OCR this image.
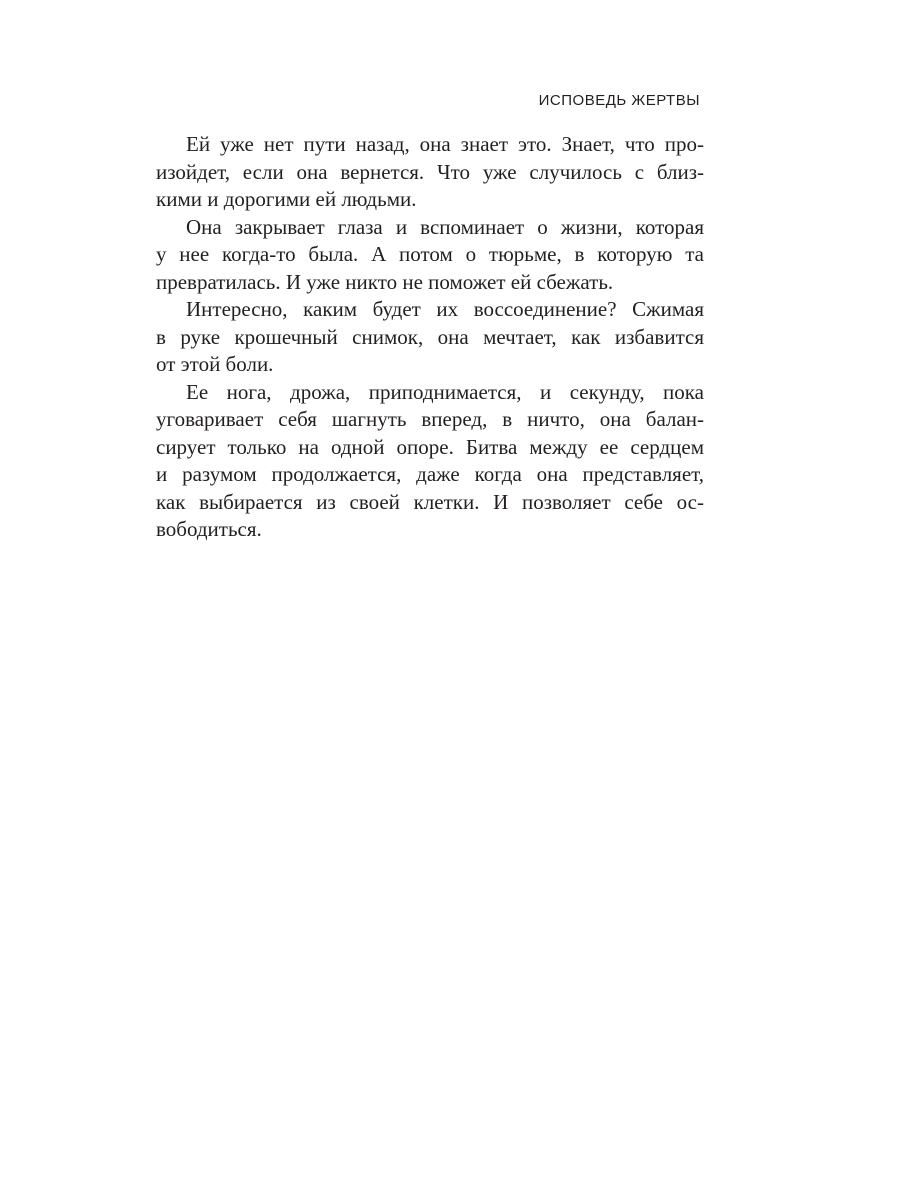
ИСПОВЕДЬ ЖЕРТВЫ
Ей уже нет пути назад, она знает это. Знает, что про-
изойдет, если она вернется. Что уже случилось с близ-
кими и дорогими ей людьми.
Она закрывает глаза и вспоминает о жизни, которая
у нее когда-то была. А потом о тюрьме, в которую та
превратилась. И уже никто не поможет ей сбежать.
Интересно, каким будет их воссоединение? Сжимая
в руке крошечный снимок, она мечтает, как избавится
от этой боли.
Ее нога, дрожа, приподнимается, и секунду, пока
уговаривает себя шагнуть вперед, в ничто, она балан-
сирует только на одной опоре. Битва между ее сердцем
и разумом продолжается, даже когда она представляет,
как выбирается из своей клетки. И позволяет себе ос-
вободиться.
